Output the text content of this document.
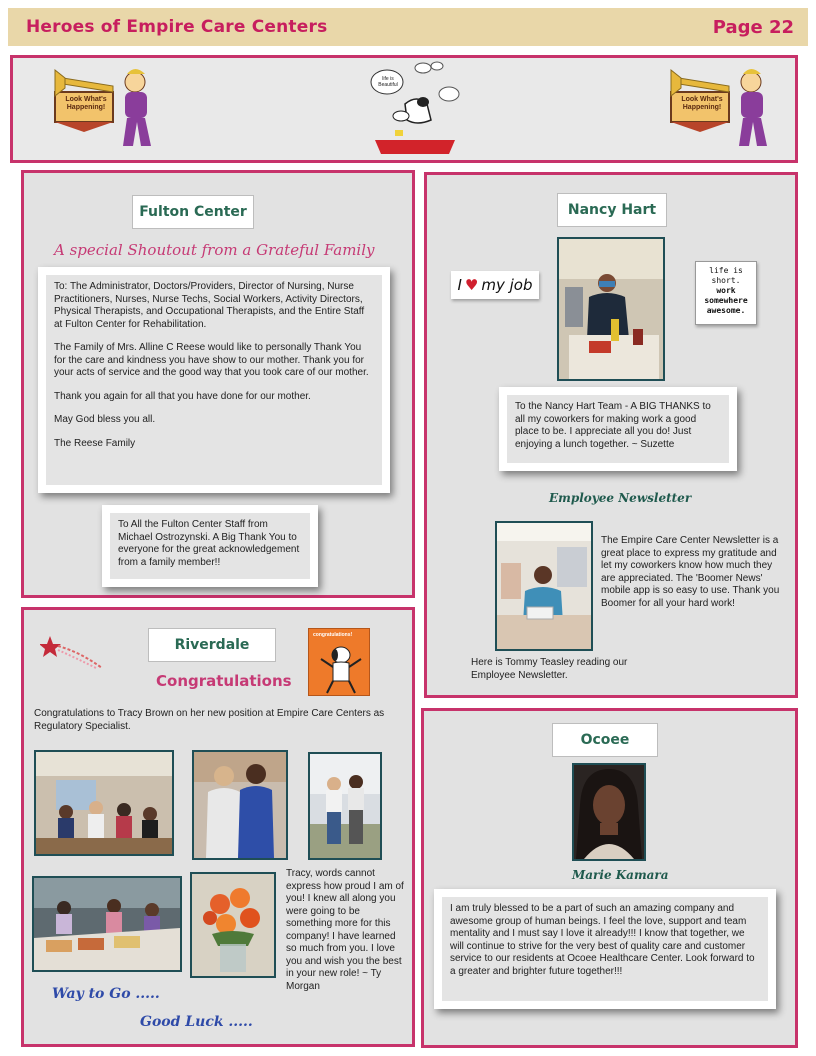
Heroes of Empire Care Centers	Page 22
Look What's Happening!
life is Beautiful
Look What's Happening!
Fulton Center
A special Shoutout from a Grateful Family

To: The Administrator, Doctors/Providers, Director of Nursing, Nurse Practitioners, Nurses, Nurse Techs, Social Workers, Activity Directors, Physical Therapists, and Occupational Therapists, and the Entire Staff at Fulton Center for Rehabilitation.

The Family of Mrs. Alline C Reese would like to personally Thank You for the care and kindness you have show to our mother. Thank you for your acts of service and the good way that you took care of our mother.

Thank you again for all that you have done for our mother.

May God bless you all.

The Reese Family

To All the Fulton Center Staff from Michael Ostrozynski. A Big Thank You to everyone for the great acknowledgement from a family member!!
Nancy Hart
I ♥ my job
life is
short.
work
somewhere
awesome.
To the Nancy Hart Team - A BIG THANKS to all my coworkers for making work a good place to be. I appreciate all you do! Just enjoying a lunch together. ~ Suzette
Employee Newsletter
The Empire Care Center Newsletter is a great place to express my gratitude and let my coworkers know how much they are appreciated. The 'Boomer News' mobile app is so easy to use. Thank you Boomer for all your hard work!
Here is Tommy Teasley reading our Employee Newsletter.
Riverdale
congratulations!
Congratulations
Congratulations to Tracy Brown on her new position at Empire Care Centers as Regulatory Specialist.
Tracy, words cannot express how proud I am of you! I knew all along you were going to be something more for this company! I have learned so much from you. I love you and wish you the best in your new role! ~ Ty Morgan
Way to Go .....
Good Luck .....
Ocoee
Marie Kamara
I am truly blessed to be a part of such an amazing company and awesome group of human beings. I feel the love, support and team mentality and I must say I love it already!!! I know that together, we will continue to strive for the very best of quality care and customer service to our residents at Ocoee Healthcare Center. Look forward to a greater and brighter future together!!!
